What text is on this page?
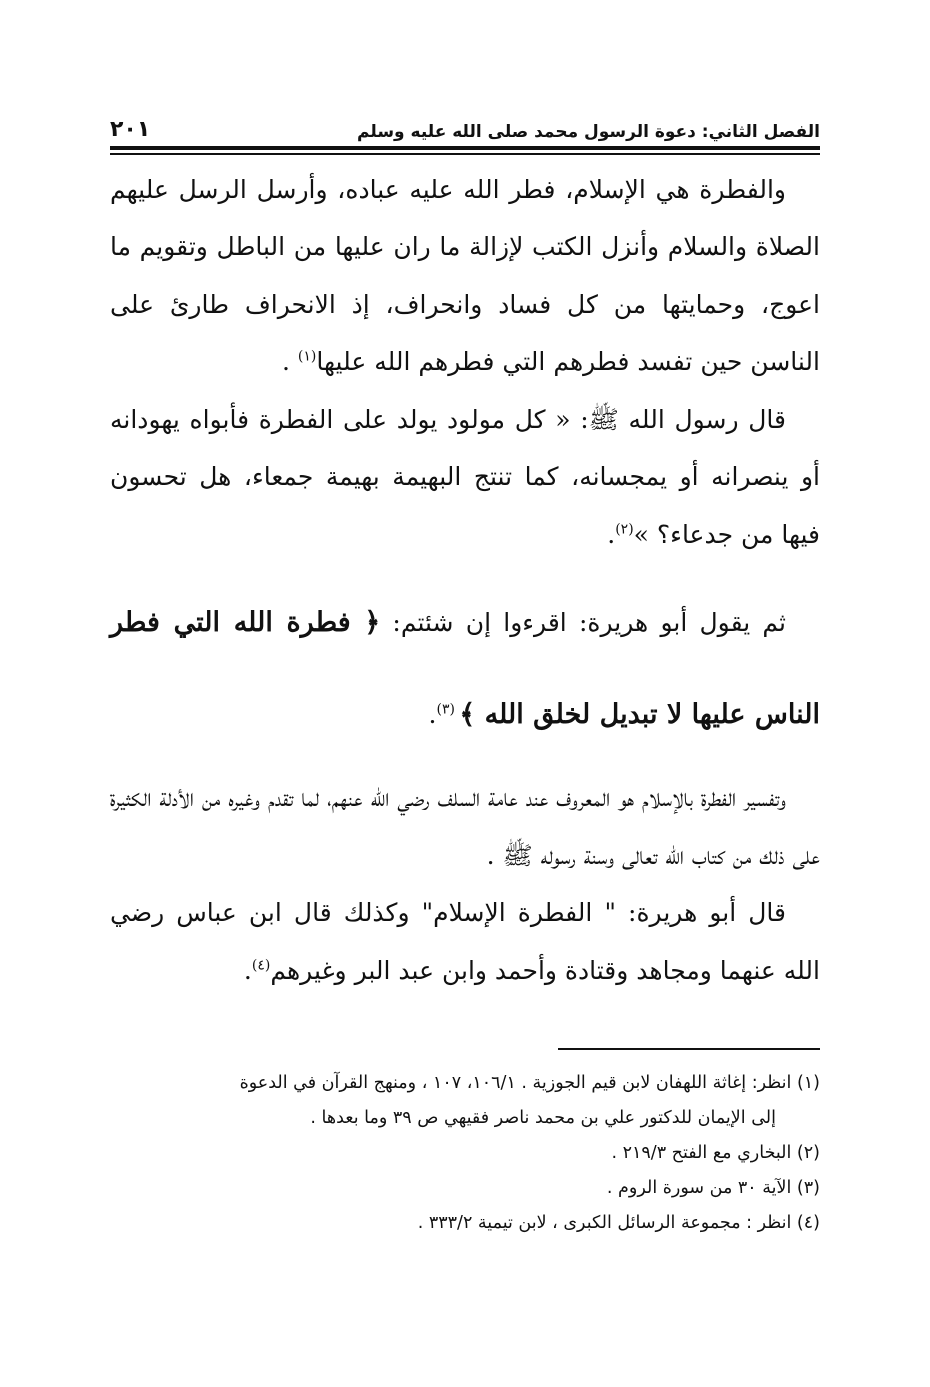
الفصل الثاني: دعوة الرسول محمد صلى الله عليه وسلم
٢٠١

والفطرة هي الإسلام، فطر الله عليه عباده، وأرسل الرسل عليهم الصلاة والسلام وأنزل الكتب لإزالة ما ران عليها من الباطل وتقويم ما اعوج، وحمايتها من كل فساد وانحراف، إذ الانحراف طارئ على الناسن حين تفسد فطرهم التي فطرهم الله عليها$^{(١)}$ .

قال رسول الله ﷺ: « كل مولود يولد على الفطرة فأبواه يهودانه أو ينصرانه أو يمجسانه، كما تنتج البهيمة بهيمة جمعاء، هل تحسون فيها من جدعاء؟ »$^{(٢)}$.

ثم يقول أبو هريرة: اقرءوا إن شئتم: ﴿ فطرة الله التي فطر الناس عليها لا تبديل لخلق الله ﴾ $^{(٣)}$.

وتفسير الفطرة بالإسلام هو المعروف عند عامة السلف رضي الله عنهم، لما تقدم وغيره من الأدلة الكثيرة على ذلك من كتاب الله تعالى وسنة رسوله ﷺ .

قال أبو هريرة: " الفطرة الإسلام" وكذلك قال ابن عباس رضي الله عنهما ومجاهد وقتادة وأحمد وابن عبد البر وغيرهم$^{(٤)}$.

(١) انظر: إغاثة اللهفان لابن قيم الجوزية . ١٠٦/١، ١٠٧ ، ومنهج القرآن في الدعوة

إلى الإيمان للدكتور علي بن محمد ناصر فقيهي ص ٣٩ وما بعدها .

(٢) البخاري مع الفتح ٢١٩/٣ .

(٣) الآية ٣٠ من سورة الروم .

(٤) انظر : مجموعة الرسائل الكبرى ، لابن تيمية ٣٣٣/٢ .
